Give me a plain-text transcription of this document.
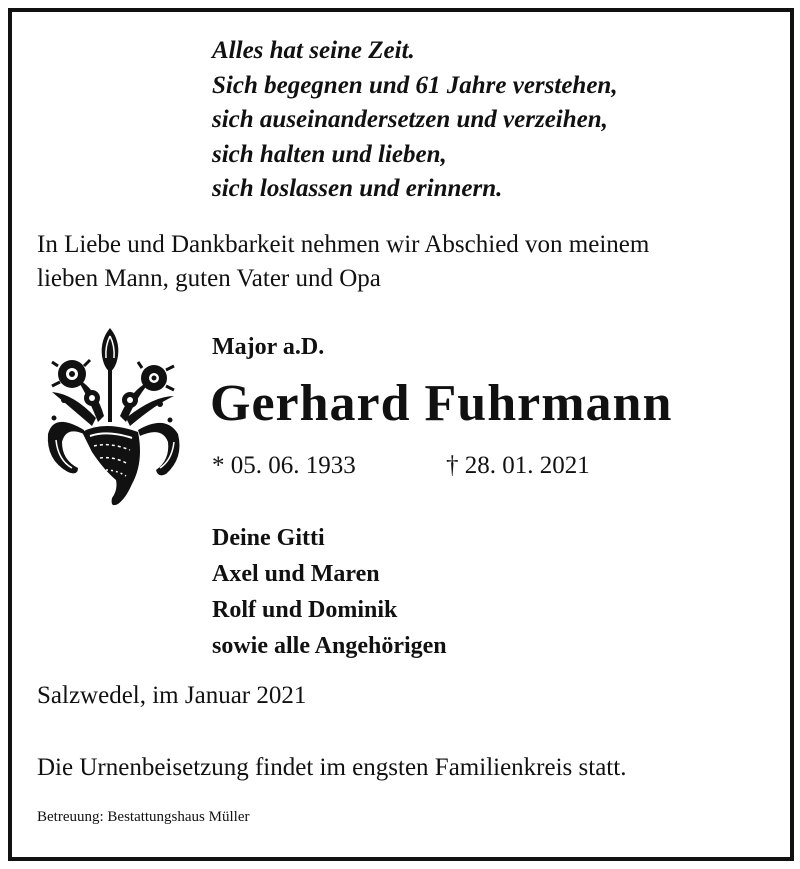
Alles hat seine Zeit.
Sich begegnen und 61 Jahre verstehen,
sich auseinandersetzen und verzeihen,
sich halten und lieben,
sich loslassen und erinnern.
In Liebe und Dankbarkeit nehmen wir Abschied von meinem
lieben Mann, guten Vater und Opa
Major a.D.
Gerhard Fuhrmann
* 05. 06. 1933	† 28. 01. 2021
Deine Gitti
Axel und Maren
Rolf und Dominik
sowie alle Angehörigen
Salzwedel, im Januar 2021
Die Urnenbeisetzung findet im engsten Familienkreis statt.
Betreuung: Bestattungshaus Müller
